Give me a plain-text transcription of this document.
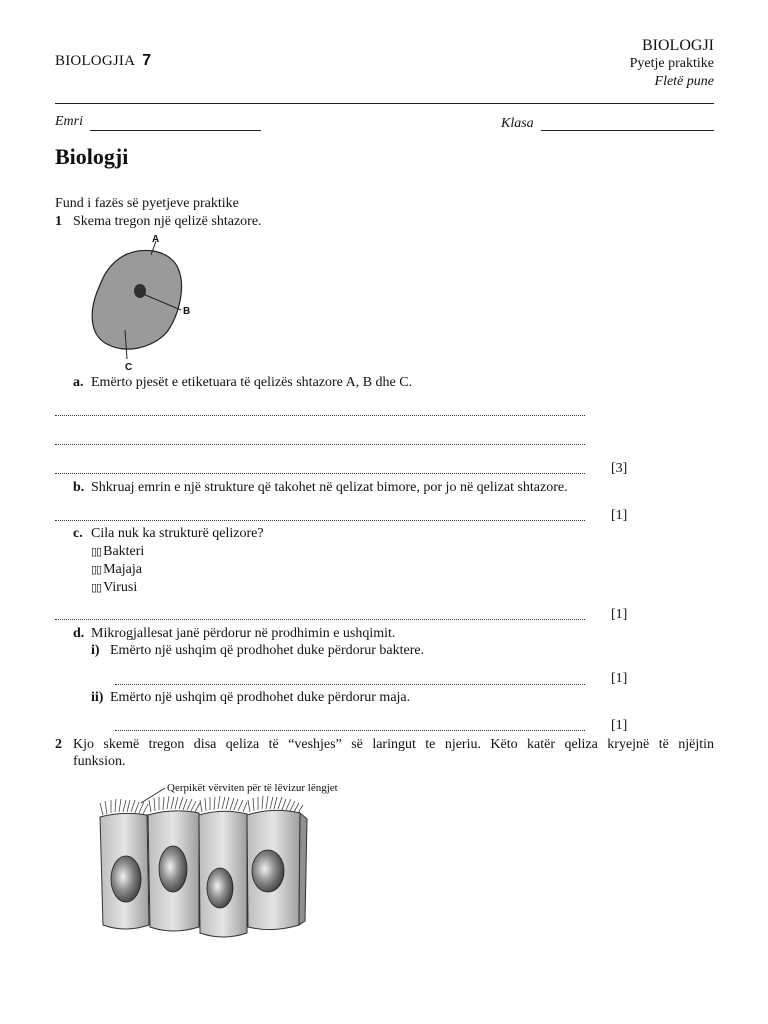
BIOLOGJIA 7
BIOLOGJI
Pyetje praktike
Fletë pune
Emri	Klasa
Biologji
Fund i fazës së pyetjeve praktike
1 Skema tregon një qelizë shtazore.
A
B
C
a. Emërto pjesët e etiketuara të qelizës shtazore A, B dhe C.
[3]
b. Shkruaj emrin e një strukture që takohet në qelizat bimore, por jo në qelizat shtazore.
[1]
c. Cila nuk ka strukturë qelizore?
▯▯ Bakteri
▯▯ Majaja
▯▯ Virusi
[1]
d. Mikrogjallesat janë përdorur në prodhimin e ushqimit.
i) Emërto një ushqim që prodhohet duke përdorur baktere.
[1]
ii) Emërto një ushqim që prodhohet duke përdorur maja.
[1]
2 Kjo skemë tregon disa qeliza të “veshjes” së laringut te njeriu. Këto katër qeliza kryejnë të njëjtin
funksion.
Qerpikët vërviten për të lëvizur lëngjet
